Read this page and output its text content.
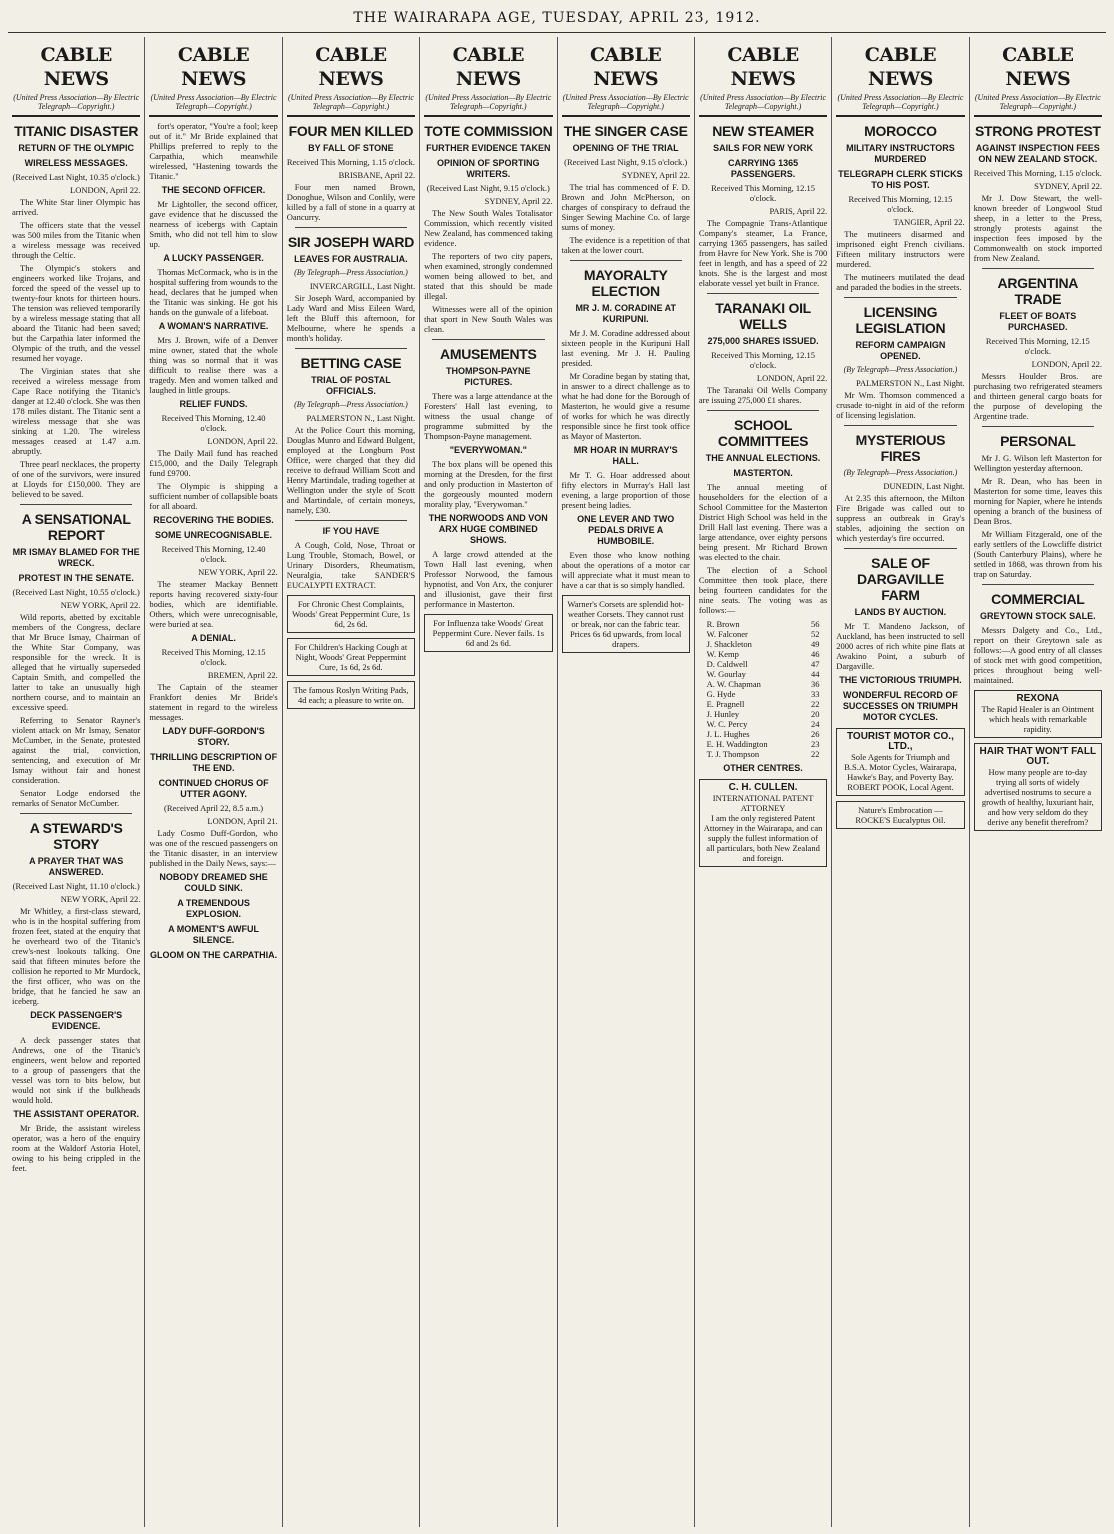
THE WAIRARAPA AGE, TUESDAY, APRIL 23, 1912.
CABLE NEWS
(United Press Association—By Electric Telegraph—Copyright.)
TITANIC DISASTER
RETURN OF THE OLYMPIC
WIRELESS MESSAGES.
(Received Last Night, 10.35 o'clock.)
LONDON, April 22.

The White Star liner Olympic has arrived.

The officers state that the vessel was 500 miles from the Titanic when a wireless message was received through the Celtic.

The Olympic's stokers and engineers worked like Trojans, and forced the speed of the vessel up to twenty-four knots for thirteen hours. The tension was relieved temporarily by a wireless message stating that all aboard the Titanic had been saved; but the Carpathia later informed the Olympic of the truth, and the vessel resumed her voyage.

The Virginian states that she received a wireless message from Cape Race notifying the Titanic's danger at 12.40 o'clock. She was then 178 miles distant. The Titanic sent a wireless message that she was sinking at 1.20. The wireless messages ceased at 1.47 a.m. abruptly.

Three pearl necklaces, the property of one of the survivors, were insured at Lloyds for £150,000. They are believed to be saved.

A SENSATIONAL REPORT
MR ISMAY BLAMED FOR THE WRECK.
PROTEST IN THE SENATE.
(Received Last Night, 10.55 o'clock.)
NEW YORK, April 22.

Wild reports, abetted by excitable members of the Congress, declare that Mr Bruce Ismay, Chairman of the White Star Company, was responsible for the wreck. It is alleged that he virtually superseded Captain Smith, and compelled the latter to take an unusually high northern course, and to maintain an excessive speed.

Referring to Senator Rayner's violent attack on Mr Ismay, Senator McCumber, in the Senate, protested against the trial, conviction, sentencing, and execution of Mr Ismay without fair and honest consideration.

Senator Lodge endorsed the remarks of Senator McCumber.

A STEWARD'S STORY
A PRAYER THAT WAS ANSWERED.
(Received Last Night, 11.10 o'clock.)
NEW YORK, April 22.

Mr Whitley, a first-class steward, who is in the hospital suffering from frozen feet, stated at the enquiry that he overheard two of the Titanic's crew's-nest lookouts talking. One said that fifteen minutes before the collision he reported to Mr Murdock, the first officer, who was on the bridge, that he fancied he saw an iceberg.

DECK PASSENGER'S EVIDENCE.

A deck passenger states that Andrews, one of the Titanic's engineers, went below and reported to a group of passengers that the vessel was torn to bits below, but would not sink if the bulkheads would hold.

THE ASSISTANT OPERATOR.

Mr Bride, the assistant wireless operator, was a hero of the enquiry room at the Waldorf Astoria Hotel, owing to his being crippled in the feet.

CABLE NEWS
(United Press Association—By Electric Telegraph—Copyright.)

fort's operator, "You're a fool; keep out of it." Mr Bride explained that Phillips preferred to reply to the Carpathia, which meanwhile wirelessed, "Hastening towards the Titanic."

THE SECOND OFFICER.

Mr Lightoller, the second officer, gave evidence that he discussed the nearness of icebergs with Captain Smith, who did not tell him to slow up.

A LUCKY PASSENGER.

Thomas McCormack, who is in the hospital suffering from wounds to the head, declares that he jumped when the Titanic was sinking. He got his hands on the gunwale of a lifeboat.

A WOMAN'S NARRATIVE.

Mrs J. Brown, wife of a Denver mine owner, stated that the whole thing was so normal that it was difficult to realise there was a tragedy. Men and women talked and laughed in little groups.

RELIEF FUNDS.
Received This Morning, 12.40 o'clock.
LONDON, April 22.

The Daily Mail fund has reached £15,000, and the Daily Telegraph fund £9700.

The Olympic is shipping a sufficient number of collapsible boats for all aboard.

RECOVERING THE BODIES.
SOME UNRECOGNISABLE.
Received This Morning, 12.40 o'clock.
NEW YORK, April 22.

The steamer Mackay Bennett reports having recovered sixty-four bodies, which are identifiable. Others, which were unrecognisable, were buried at sea.

A DENIAL.
Received This Morning, 12.15 o'clock.
BREMEN, April 22.

The Captain of the steamer Frankfort denies Mr Bride's statement in regard to the wireless messages.

LADY DUFF-GORDON'S STORY.
THRILLING DESCRIPTION OF THE END.
CONTINUED CHORUS OF UTTER AGONY.
(Received April 22, 8.5 a.m.)
LONDON, April 21.

Lady Cosmo Duff-Gordon, who was one of the rescued passengers on the Titanic disaster, in an interview published in the Daily News, says:—

NOBODY DREAMED SHE COULD SINK.
A TREMENDOUS EXPLOSION.
A MOMENT'S AWFUL SILENCE.
GLOOM ON THE CARPATHIA.
CABLE NEWS
(United Press Association—By Electric Telegraph—Copyright.)
FOUR MEN KILLED
BY FALL OF STONE
Received This Morning, 1.15 o'clock.
BRISBANE, April 22.

Four men named Brown, Donoghue, Wilson and Conlily, were killed by a fall of stone in a quarry at Oancurry.

SIR JOSEPH WARD
LEAVES FOR AUSTRALIA.
(By Telegraph—Press Association.)
INVERCARGILL, Last Night.

Sir Joseph Ward, accompanied by Lady Ward and Miss Eileen Ward, left the Bluff this afternoon, for Melbourne, where he spends a month's holiday.

BETTING CASE
TRIAL OF POSTAL OFFICIALS.
(By Telegraph—Press Association.)
PALMERSTON N., Last Night.

At the Police Court this morning, Douglas Munro and Edward Bulgent, employed at the Longburn Post Office, were charged that they did receive to defraud William Scott and Henry Martindale, trading together at Wellington under the style of Scott and Martindale, of certain moneys, namely, £30.

IF YOU HAVE

A Cough, Cold, Nose, Throat or Lung Trouble, Stomach, Bowel, or Urinary Disorders, Rheumatism, Neuralgia, take SANDER'S EUCALYPTI EXTRACT.

For Chronic Chest Complaints, Woods' Great Peppermint Cure, 1s 6d, 2s 6d.
For Children's Hacking Cough at Night, Woods' Great Peppermint Cure, 1s 6d, 2s 6d.
The famous Roslyn Writing Pads, 4d each; a pleasure to write on.
CABLE NEWS
(United Press Association—By Electric Telegraph—Copyright.)
TOTE COMMISSION
FURTHER EVIDENCE TAKEN
OPINION OF SPORTING WRITERS.
(Received Last Night, 9.15 o'clock.)
SYDNEY, April 22.

The New South Wales Totalisator Commission, which recently visited New Zealand, has commenced taking evidence.

The reporters of two city papers, when examined, strongly condemned women being allowed to bet, and stated that this should be made illegal.

Witnesses were all of the opinion that sport in New South Wales was clean.

AMUSEMENTS
THOMPSON-PAYNE PICTURES.

There was a large attendance at the Foresters' Hall last evening, to witness the usual change of programme submitted by the Thompson-Payne management.

"EVERYWOMAN."

The box plans will be opened this morning at the Dresden, for the first and only production in Masterton of the gorgeously mounted modern morality play, "Everywoman."

THE NORWOODS AND VON ARX HUGE COMBINED SHOWS.

A large crowd attended at the Town Hall last evening, when Professor Norwood, the famous hypnotist, and Von Arx, the conjurer and illusionist, gave their first performance in Masterton.

For Influenza take Woods' Great Peppermint Cure. Never fails. 1s 6d and 2s 6d.
CABLE NEWS
(United Press Association—By Electric Telegraph—Copyright.)
THE SINGER CASE
OPENING OF THE TRIAL
(Received Last Night, 9.15 o'clock.)
SYDNEY, April 22.

The trial has commenced of F. D. Brown and John McPherson, on charges of conspiracy to defraud the Singer Sewing Machine Co. of large sums of money.

The evidence is a repetition of that taken at the lower court.

MAYORALTY ELECTION
MR J. M. CORADINE AT KURIPUNI.

Mr J. M. Coradine addressed about sixteen people in the Kuripuni Hall last evening. Mr J. H. Pauling presided.

Mr Coradine began by stating that, in answer to a direct challenge as to what he had done for the Borough of Masterton, he would give a resume of works for which he was directly responsible since he first took office as Mayor of Masterton.

MR HOAR IN MURRAY'S HALL.

Mr T. G. Hoar addressed about fifty electors in Murray's Hall last evening, a large proportion of those present being ladies.

ONE LEVER AND TWO PEDALS DRIVE A HUMBOBILE.

Even those who know nothing about the operations of a motor car will appreciate what it must mean to have a car that is so simply handled.

Warner's Corsets are splendid hot-weather Corsets. They cannot rust or break, nor can the fabric tear. Prices 6s 6d upwards, from local drapers.
CABLE NEWS
(United Press Association—By Electric Telegraph—Copyright.)
NEW STEAMER
SAILS FOR NEW YORK
CARRYING 1365 PASSENGERS.
Received This Morning, 12.15 o'clock.
PARIS, April 22.

The Compagnie Trans-Atlantique Company's steamer, La France, carrying 1365 passengers, has sailed from Havre for New York. She is 700 feet in length, and has a speed of 22 knots. She is the largest and most elaborate vessel yet built in France.

TARANAKI OIL WELLS
275,000 SHARES ISSUED.
Received This Morning, 12.15 o'clock.
LONDON, April 22.

The Taranaki Oil Wells Company are issuing 275,000 £1 shares.

SCHOOL COMMITTEES
THE ANNUAL ELECTIONS.
MASTERTON.

The annual meeting of householders for the election of a School Committee for the Masterton District High School was held in the Drill Hall last evening. There was a large attendance, over eighty persons being present. Mr Richard Brown was elected to the chair.

The election of a School Committee then took place, there being fourteen candidates for the nine seats. The voting was as follows:—

R. Brown	56
W. Falconer	52
J. Shackleton	49
W. Kemp	46
D. Caldwell	47
W. Gourlay	44
A. W. Chapman	36
G. Hyde	33
E. Pragnell	22
J. Hunley	20
W. C. Percy	24
J. L. Hughes	26
E. H. Waddington	23
T. J. Thompson	22
OTHER CENTRES.
C. H. CULLEN.
INTERNATIONAL PATENT ATTORNEY
I am the only registered Patent Attorney in the Wairarapa, and can supply the fullest information of all particulars, both New Zealand and foreign.
CABLE NEWS
(United Press Association—By Electric Telegraph—Copyright.)
MOROCCO
MILITARY INSTRUCTORS MURDERED
TELEGRAPH CLERK STICKS TO HIS POST.
Received This Morning, 12.15 o'clock.
TANGIER, April 22.

The mutineers disarmed and imprisoned eight French civilians. Fifteen military instructors were murdered.

The mutineers mutilated the dead and paraded the bodies in the streets.

LICENSING LEGISLATION
REFORM CAMPAIGN OPENED.
(By Telegraph—Press Association.)
PALMERSTON N., Last Night.

Mr Wm. Thomson commenced a crusade to-night in aid of the reform of licensing legislation.

MYSTERIOUS FIRES
(By Telegraph—Press Association.)
DUNEDIN, Last Night.

At 2.35 this afternoon, the Milton Fire Brigade was called out to suppress an outbreak in Gray's stables, adjoining the section on which yesterday's fire occurred.

SALE OF DARGAVILLE FARM
LANDS BY AUCTION.

Mr T. Mandeno Jackson, of Auckland, has been instructed to sell 2000 acres of rich white pine flats at Awakino Point, a suburb of Dargaville.

THE VICTORIOUS TRIUMPH.
WONDERFUL RECORD OF SUCCESSES ON TRIUMPH MOTOR CYCLES.
TOURIST MOTOR CO., LTD.,
Sole Agents for Triumph and B.S.A. Motor Cycles, Wairarapa, Hawke's Bay, and Poverty Bay.
ROBERT POOK, Local Agent.
Nature's Embrocation — ROCKE'S Eucalyptus Oil.
CABLE NEWS
(United Press Association—By Electric Telegraph—Copyright.)
STRONG PROTEST
AGAINST INSPECTION FEES ON NEW ZEALAND STOCK.
Received This Morning, 1.15 o'clock.
SYDNEY, April 22.

Mr J. Dow Stewart, the well-known breeder of Longwool Stud sheep, in a letter to the Press, strongly protests against the inspection fees imposed by the Commonwealth on stock imported from New Zealand.

ARGENTINA TRADE
FLEET OF BOATS PURCHASED.
Received This Morning, 12.15 o'clock.
LONDON, April 22.

Messrs Houlder Bros. are purchasing two refrigerated steamers and thirteen general cargo boats for the purpose of developing the Argentine trade.

PERSONAL

Mr J. G. Wilson left Masterton for Wellington yesterday afternoon.

Mr R. Dean, who has been in Masterton for some time, leaves this morning for Napier, where he intends opening a branch of the business of Dean Bros.

Mr William Fitzgerald, one of the early settlers of the Lowcliffe district (South Canterbury Plains), where he settled in 1868, was thrown from his trap on Saturday.

COMMERCIAL
GREYTOWN STOCK SALE.

Messrs Dalgety and Co., Ltd., report on their Greytown sale as follows:—A good entry of all classes of stock met with good competition, prices throughout being well-maintained.

REXONA
The Rapid Healer is an Ointment which heals with remarkable rapidity.
HAIR THAT WON'T FALL OUT.
How many people are to-day trying all sorts of widely advertised nostrums to secure a growth of healthy, luxuriant hair, and how very seldom do they derive any benefit therefrom?
